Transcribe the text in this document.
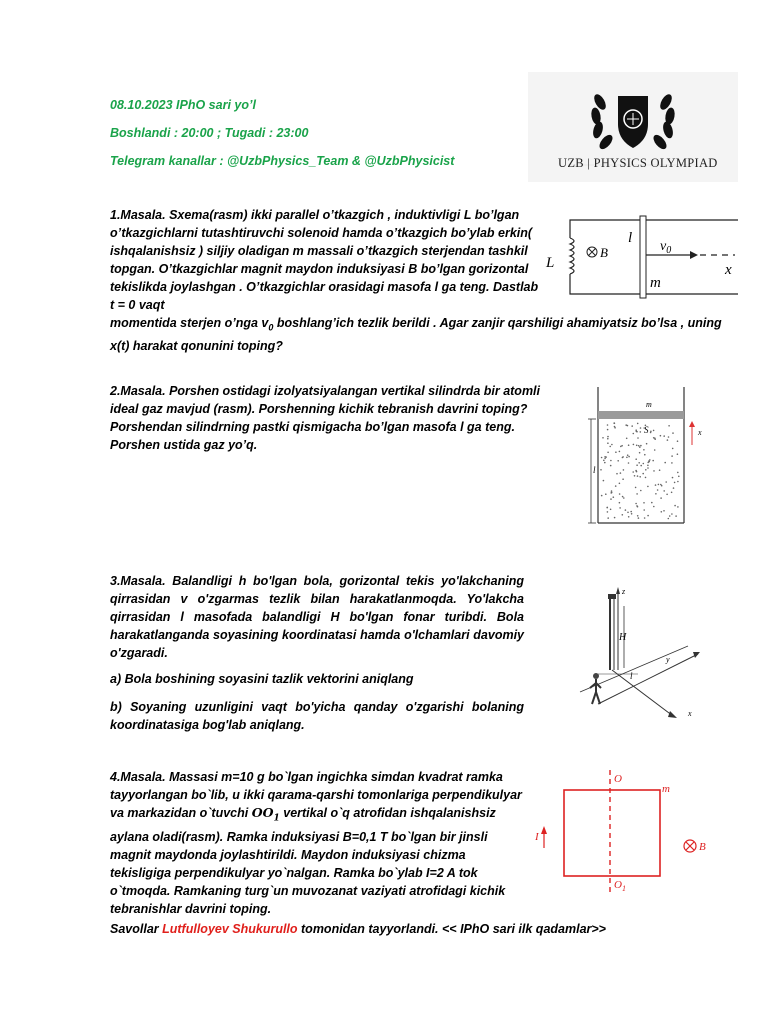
08.10.2023 IPhO sari yo’l
Boshlandi : 20:00 ; Tugadi : 23:00
Telegram kanallar : @UzbPhysics_Team & @UzbPhysicist	UZB | PHYSICS OLYMPIAD
1.Masala. Sxema(rasm) ikki parallel o’tkazgich , induktivligi L bo’lgan o’tkazgichlarni tutashtiruvchi solenoid hamda o’tkazgich bo’ylab erkin( ishqalanishsiz ) siljiy oladigan m massali o’tkazgich sterjendan tashkil topgan. O’tkazgichlar magnit maydon induksiyasi B bo’lgan gorizontal tekislikda joylashgan . O’tkazgichlar orasidagi masofa l ga teng. Dastlab t = 0 vaqt
momentida sterjen o’nga $v_0$ boshlang’ich tezlik berildi . Agar zanjir qarshiligi ahamiyatsiz bo’lsa , uning x(t) harakat qonunini toping?
L
B
l
$v_0$
m
x
2.Masala. Porshen ostidagi izolyatsiyalangan vertikal silindrda bir atomli ideal gaz mavjud (rasm). Porshenning kichik tebranish davrini toping? Porshendan silindrning pastki qismigacha bo’lgan masofa l ga teng. Porshen ustida gaz yo’q.
m
S	x
l
3.Masala. Balandligi h bo'lgan bola, gorizontal tekis yo'lakchaning qirrasidan v o'zgarmas tezlik bilan harakatlanmoqda. Yo'lakcha qirrasidan l masofada balandligi H bo'lgan fonar turibdi. Bola harakatlanganda soyasining koordinatasi hamda o'lchamlari davomiy o'zgaradi.
a) Bola boshining soyasini tazlik vektorini aniqlang
b) Soyaning uzunligini vaqt bo'yicha qanday o'zgarishi bolaning koordinatasiga bog'lab aniqlang.
z
H
y
l
x
4.Masala. Massasi m=10 g bo`lgan ingichka simdan kvadrat ramka tayyorlangan bo`lib, u ikki qarama-qarshi tomonlariga perpendikulyar va markazidan o`tuvchi $OO_1$ vertikal o`q atrofidan ishqalanishsiz aylana oladi(rasm). Ramka induksiyasi B=0,1 T bo`lgan bir jinsli magnit maydonda joylashtirildi. Maydon induksiyasi chizma tekisligiga perpendikulyar yo`nalgan. Ramka bo`ylab I=2 A tok o`tmoqda. Ramkaning turg`un muvozanat vaziyati atrofidagi kichik tebranishlar davrini toping.
O
$O_1$
m
I
B
Savollar Lutfulloyev Shukurullo tomonidan tayyorlandi. << IPhO sari ilk qadamlar>>
